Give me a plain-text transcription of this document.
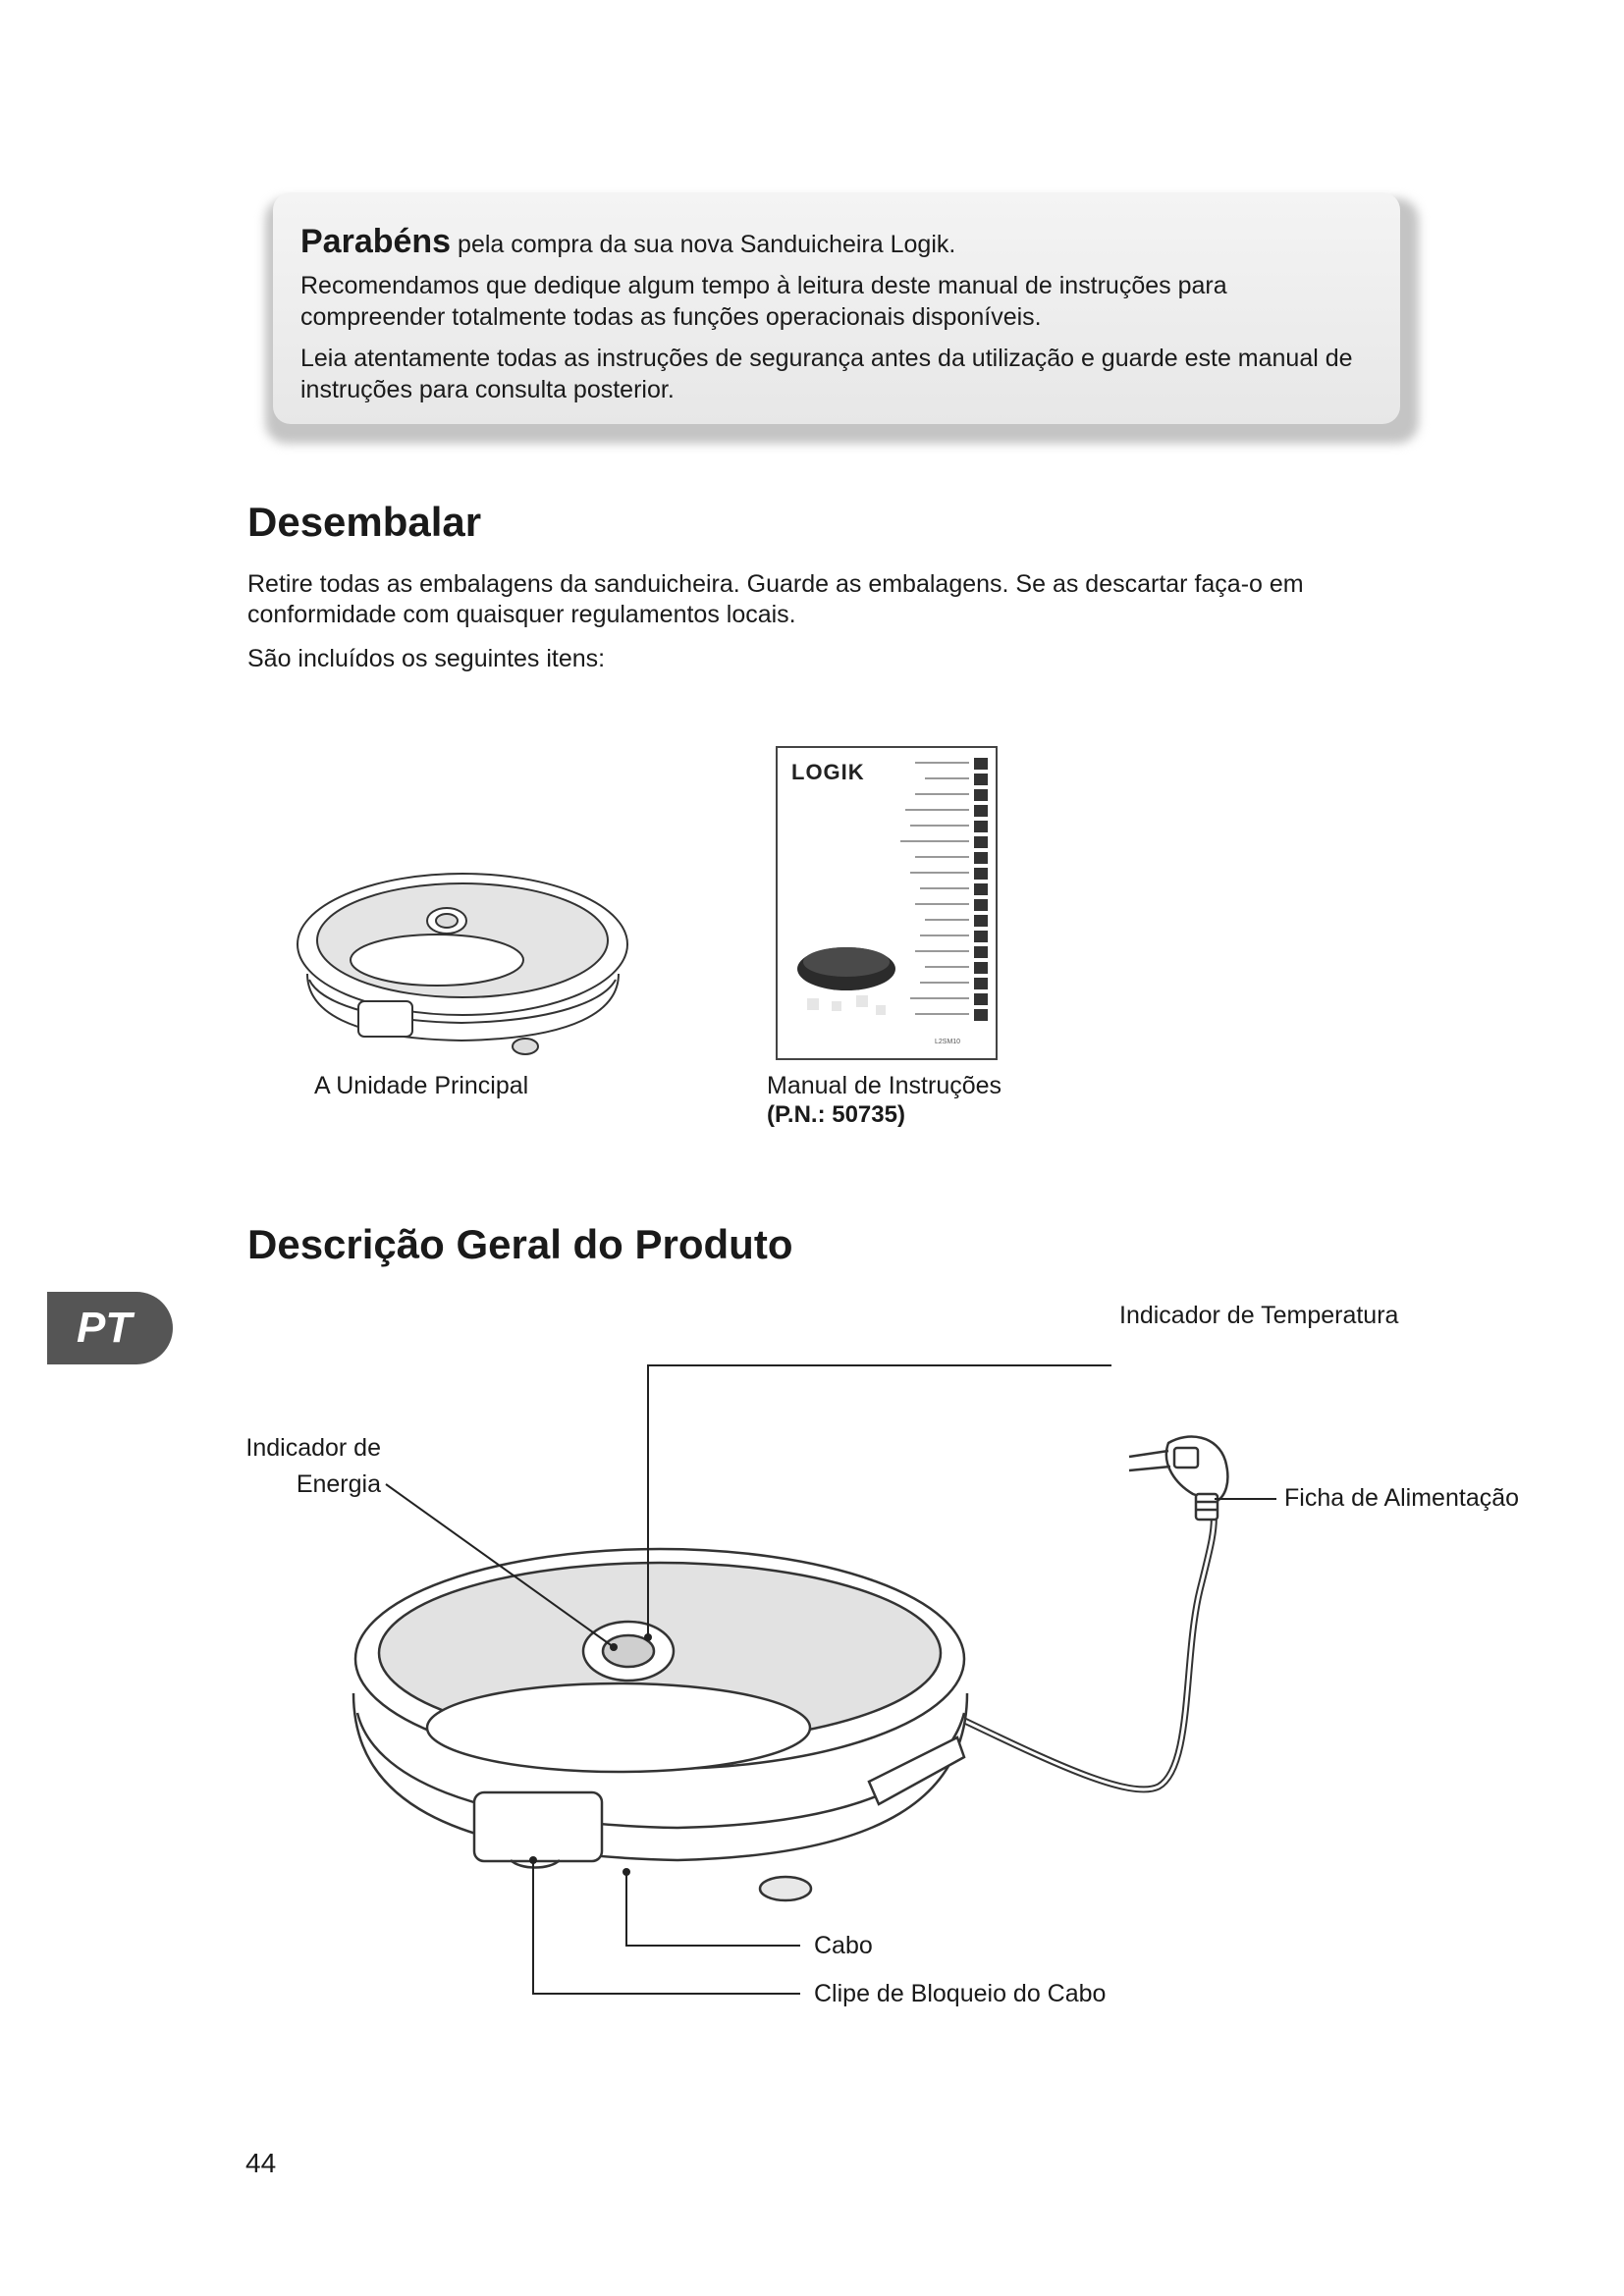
Parabéns pela compra da sua nova Sanduicheira Logik.

Recomendamos que dedique algum tempo à leitura deste manual de instruções para compreender totalmente todas as funções operacionais disponíveis.

Leia atentamente todas as instruções de segurança antes da utilização e guarde este manual de instruções para consulta posterior.

Desembalar

Retire todas as embalagens da sanduicheira. Guarde as embalagens. Se as descartar faça-o em conformidade com quaisquer regulamentos locais.

São incluídos os seguintes itens:

A Unidade Principal
LOGIK
L2SM10
Manual de Instruções
(P.N.: 50735)
Descrição Geral do Produto
PT	Indicador de Temperatura
Indicador de
Energia	Ficha de Alimentação
Cabo
Clipe de Bloqueio do Cabo
44
